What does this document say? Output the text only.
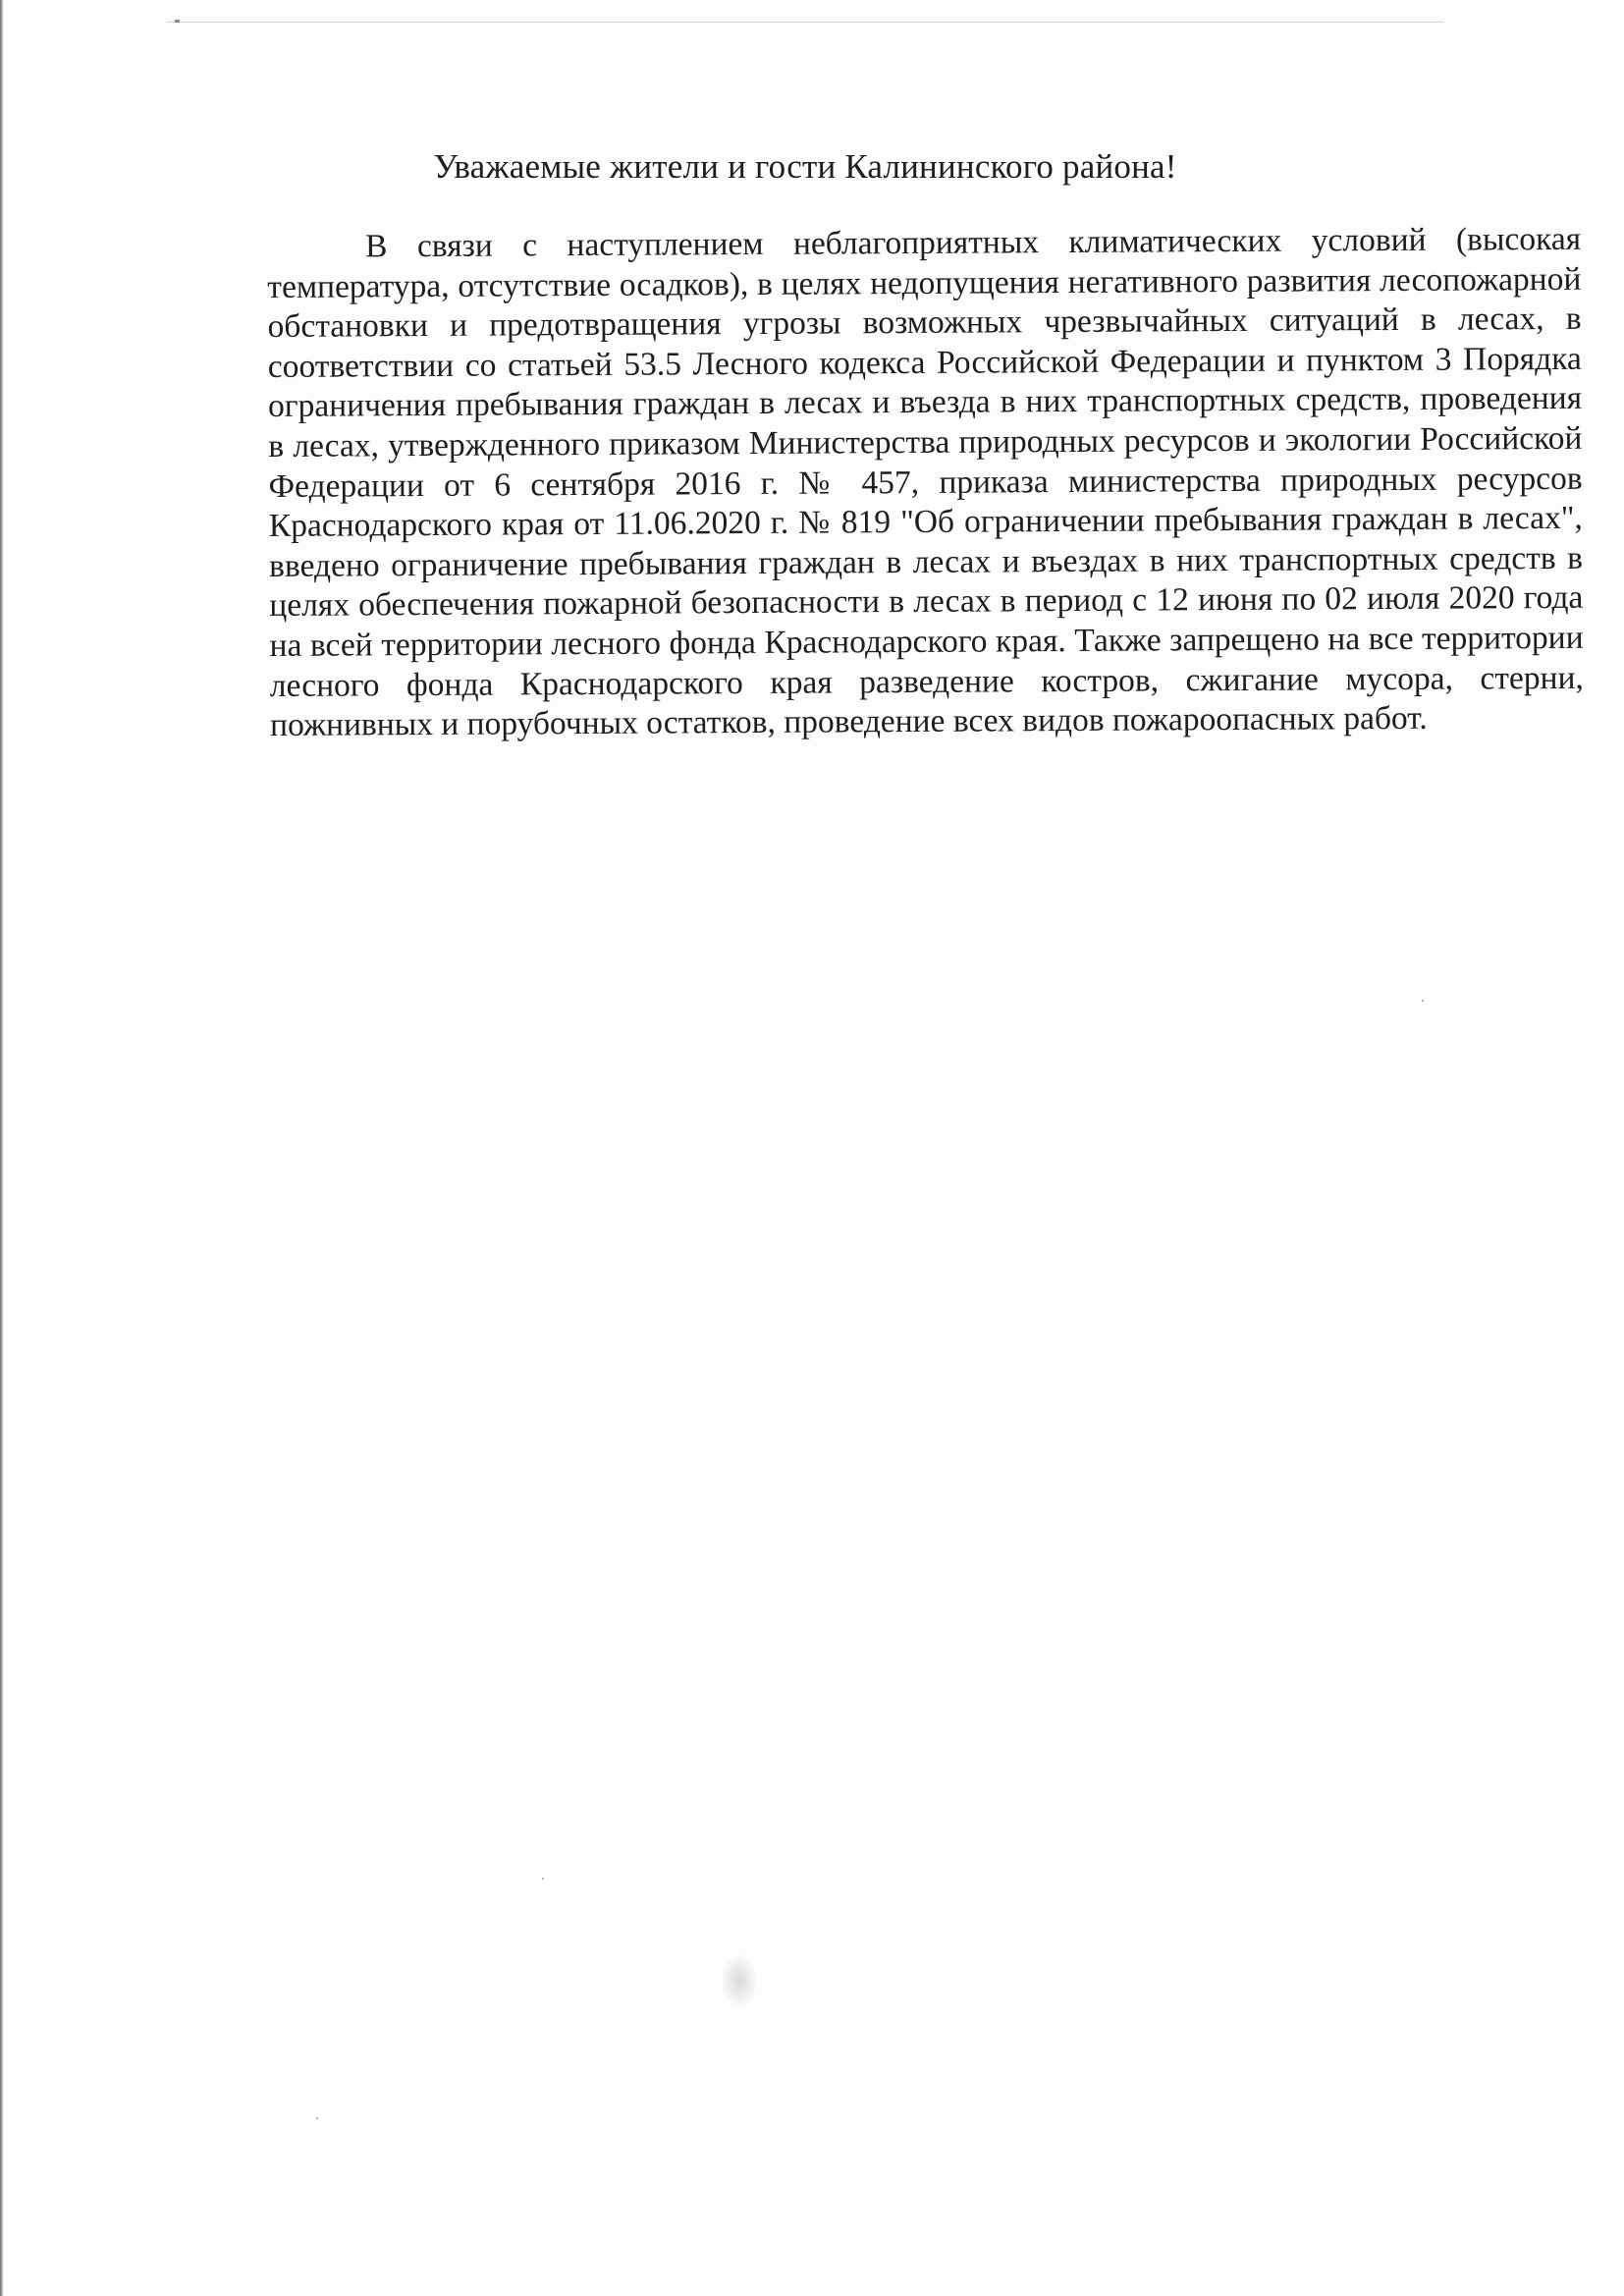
Уважаемые жители и гости Калининского района!

В связи с наступлением неблагоприятных климатических условий (высокая температура, отсутствие осадков), в целях недопущения негативного развития лесопожарной обстановки и предотвращения угрозы возможных чрезвычайных ситуаций в лесах, в соответствии со статьей 53.5 Лесного кодекса Российской Федерации и пунктом 3 Порядка ограничения пребывания граждан в лесах и въезда в них транспортных средств, проведения в лесах, утвержденного приказом Министерства природных ресурсов и экологии Российской Федерации от 6 сентября 2016 г. № 457, приказа министерства природных ресурсов Краснодарского края от 11.06.2020 г. № 819 "Об ограничении пребывания граждан в лесах", введено ограничение пребывания граждан в лесах и въездах в них транспортных средств в целях обеспечения пожарной безопасности в лесах в период с 12 июня по 02 июля 2020 года на всей территории лесного фонда Краснодарского края. Также запрещено на все территории лесного фонда Краснодарского края разведение костров, сжигание мусора, стерни, пожнивных и порубочных остатков, проведение всех видов пожароопасных работ.
